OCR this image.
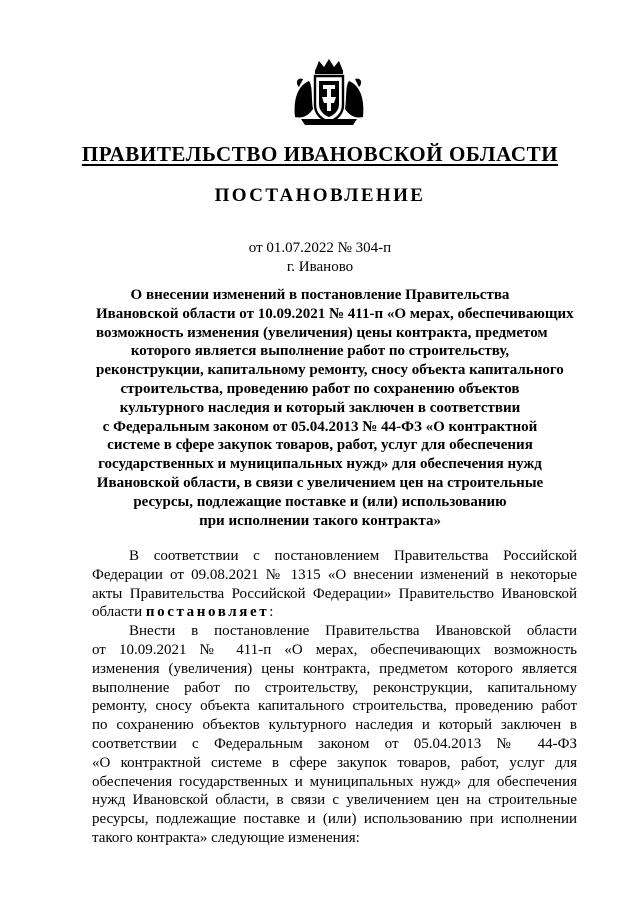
ПРАВИТЕЛЬСТВО ИВАНОВСКОЙ ОБЛАСТИ
ПОСТАНОВЛЕНИЕ
от 01.07.2022 № 304-п
г. Иваново
О внесении изменений в постановление Правительства
Ивановской области от 10.09.2021 № 411-п «О мерах, обеспечивающих
возможность изменения (увеличения) цены контракта, предметом
которого является выполнение работ по строительству,
реконструкции, капитальному ремонту, сносу объекта капитального
строительства, проведению работ по сохранению объектов
культурного наследия и который заключен в соответствии
с Федеральным законом от 05.04.2013 № 44-ФЗ «О контрактной
системе в сфере закупок товаров, работ, услуг для обеспечения
государственных и муниципальных нужд» для обеспечения нужд
Ивановской области, в связи с увеличением цен на строительные
ресурсы, подлежащие поставке и (или) использованию
при исполнении такого контракта»
В соответствии с постановлением Правительства Российской
Федерации от 09.08.2021 № 1315 «О внесении изменений в некоторые
акты Правительства Российской Федерации» Правительство Ивановской
области постановляет:
Внести в постановление Правительства Ивановской области
от 10.09.2021 № 411-п «О мерах, обеспечивающих возможность
изменения (увеличения) цены контракта, предметом которого является
выполнение работ по строительству, реконструкции, капитальному
ремонту, сносу объекта капитального строительства, проведению работ
по сохранению объектов культурного наследия и который заключен в
соответствии с Федеральным законом от 05.04.2013 № 44-ФЗ
«О контрактной системе в сфере закупок товаров, работ, услуг для
обеспечения государственных и муниципальных нужд» для обеспечения
нужд Ивановской области, в связи с увеличением цен на строительные
ресурсы, подлежащие поставке и (или) использованию при исполнении
такого контракта» следующие изменения:
